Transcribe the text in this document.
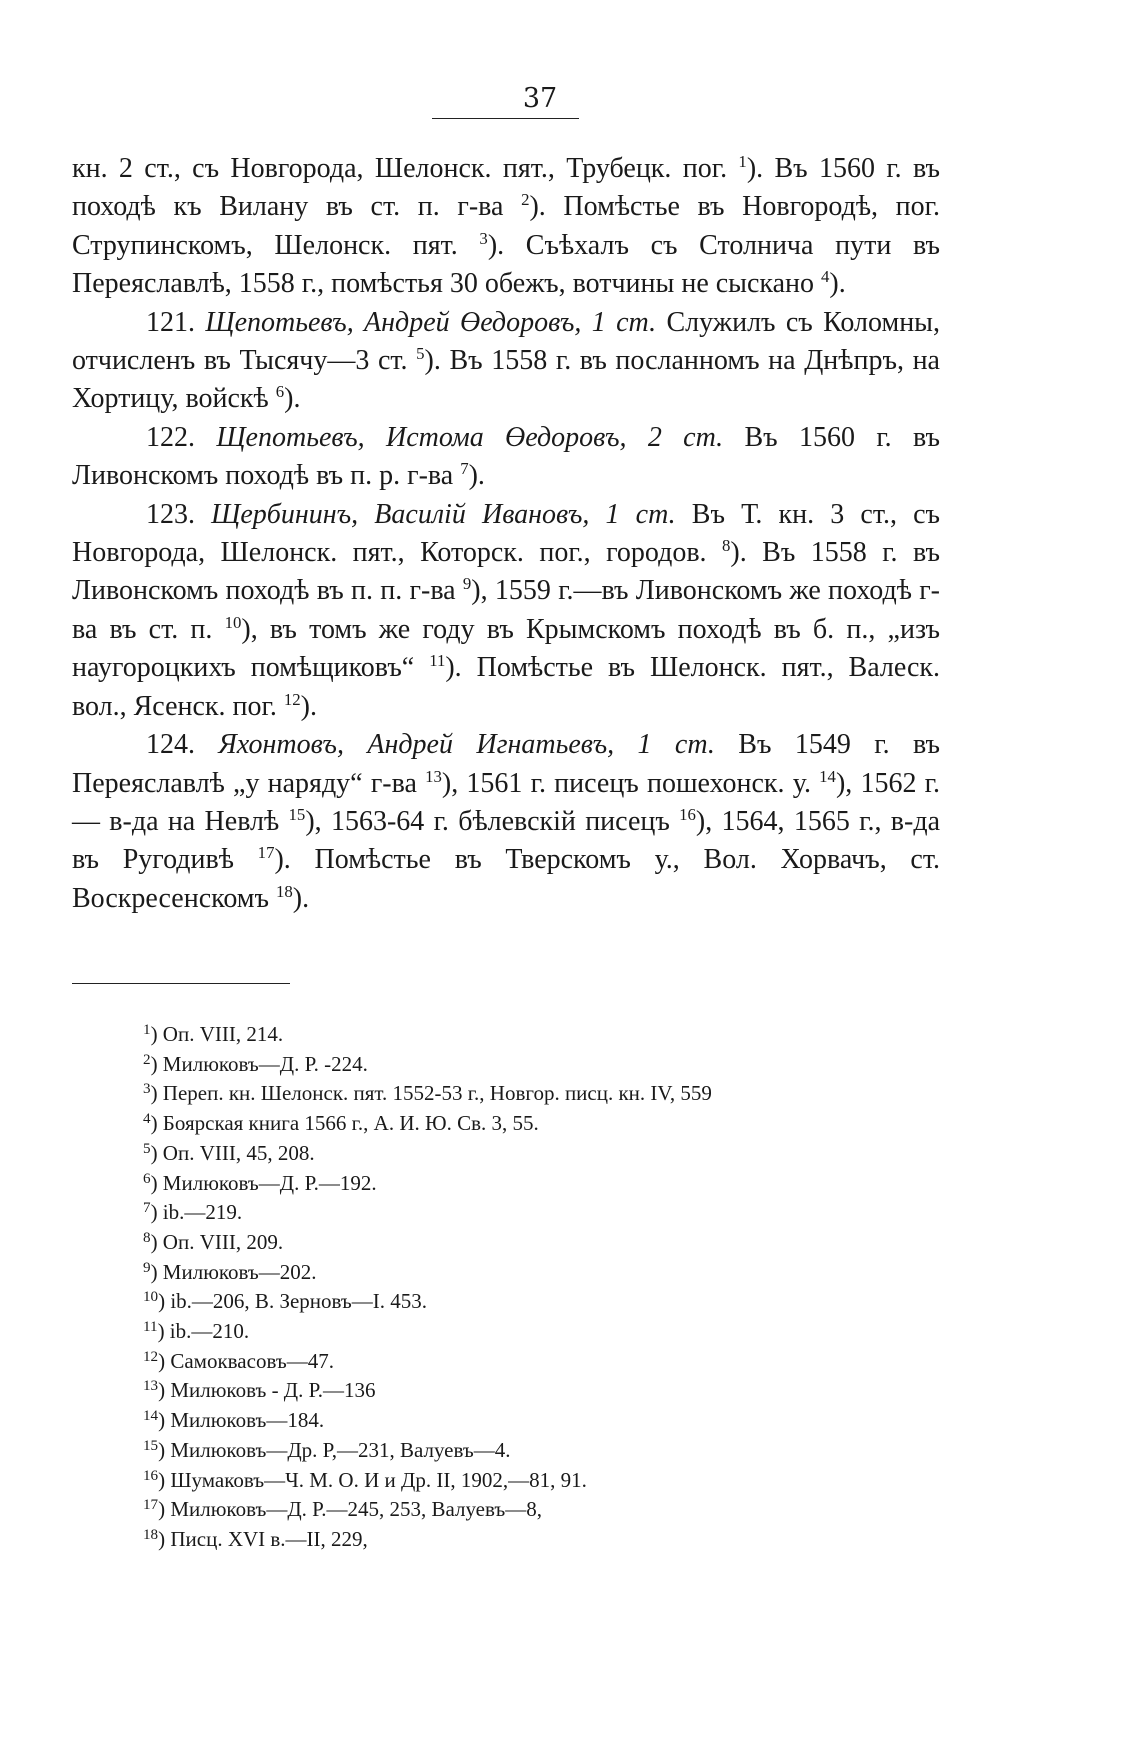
37

кн. 2 ст., съ Новгорода, Шелонск. пят., Трубецк. пог. $^1$). Въ 1560 г. въ походѣ къ Вилану въ ст. п. г-ва $^2$). Помѣстье въ Новгородѣ, пог. Струпинскомъ, Шелонск. пят. $^3$). Съѣхалъ съ Столнича пути въ Переяславлѣ, 1558 г., помѣстья 30 обежъ, вотчины не сыскано $^4$).

121. Щепотьевъ, Андрей Өедоровъ, 1 ст. Служилъ съ Коломны, отчисленъ въ Тысячу—3 ст. $^5$). Въ 1558 г. въ посланномъ на Днѣпръ, на Хортицу, войскѣ $^6$).

122. Щепотьевъ, Истома Өедоровъ, 2 ст. Въ 1560 г. въ Ливонскомъ походѣ въ п. р. г-ва $^7$).

123. Щербининъ, Василій Ивановъ, 1 ст. Въ Т. кн. 3 ст., съ Новгорода, Шелонск. пят., Которск. пог., городов. $^8$). Въ 1558 г. въ Ливонскомъ походѣ въ п. п. г-ва $^9$), 1559 г.—въ Ливонскомъ же походѣ г-ва въ ст. п. $^{10}$), въ томъ же году въ Крымскомъ походѣ въ б. п., „изъ наугороцкихъ помѣщиковъ“ $^{11}$). Помѣстье въ Шелонск. пят., Валеск. вол., Ясенск. пог. $^{12}$).

124. Яхонтовъ, Андрей Игнатьевъ, 1 ст. Въ 1549 г. въ Переяславлѣ „у наряду“ г-ва $^{13}$), 1561 г. писецъ пошехонск. у. $^{14}$), 1562 г. — в-да на Невлѣ $^{15}$), 1563-64 г. бѣлевскій писецъ $^{16}$), 1564, 1565 г., в-да въ Ругодивѣ $^{17}$). Помѣстье въ Тверскомъ у., Вол. Хорвачъ, ст. Воскресенскомъ $^{18}$).

$^1$) Оп. VIII, 214.
$^2$) Милюковъ—Д. Р. -224.
$^3$) Переп. кн. Шелонск. пят. 1552-53 г., Новгор. писц. кн. IV, 559
$^4$) Боярская книга 1566 г., А. И. Ю. Св. 3, 55.
$^5$) Оп. VIII, 45, 208.
$^6$) Милюковъ—Д. Р.—192.
$^7$) ib.—219.
$^8$) Оп. VIII, 209.
$^9$) Милюковъ—202.
$^{10}$) ib.—206, В. Зерновъ—I. 453.
$^{11}$) ib.—210.
$^{12}$) Самоквасовъ—47.
$^{13}$) Милюковъ - Д. Р.—136
$^{14}$) Милюковъ—184.
$^{15}$) Милюковъ—Др. Р,—231, Валуевъ—4.
$^{16}$) Шумаковъ—Ч. М. О. И и Др. II, 1902,—81, 91.
$^{17}$) Милюковъ—Д. Р.—245, 253, Валуевъ—8,
$^{18}$) Писц. XVI в.—II, 229,
